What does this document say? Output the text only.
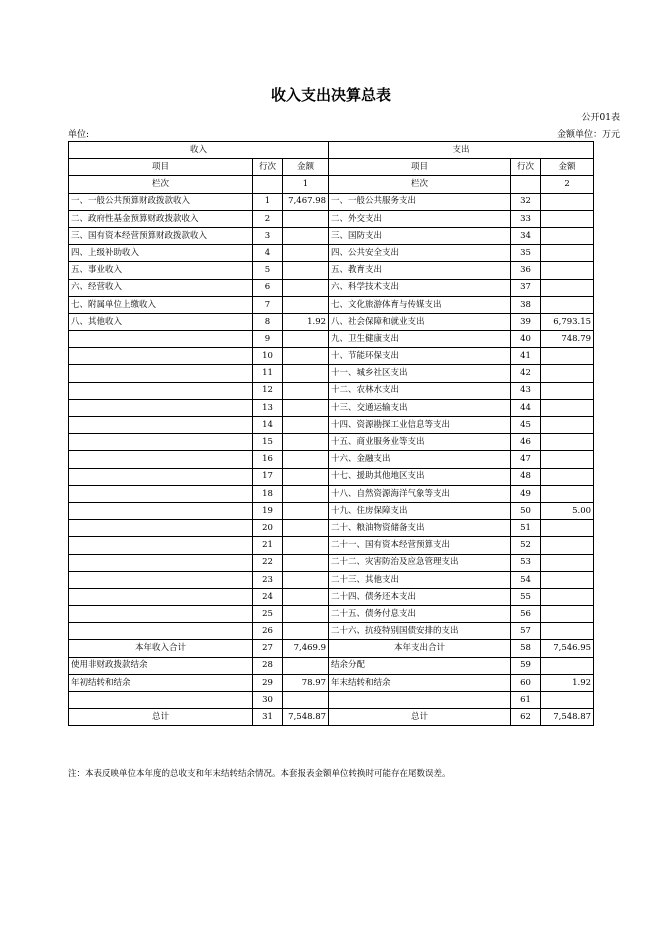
收入支出决算总表
公开01表
单位:	金额单位：万元
收入			支出		
项目	行次	金额	项目	行次	金额
栏次		1	栏次		2
一、一般公共预算财政拨款收入	1	7,467.98	一、一般公共服务支出	32	
二、政府性基金预算财政拨款收入	2		二、外交支出	33	
三、国有资本经营预算财政拨款收入	3		三、国防支出	34	
四、上级补助收入	4		四、公共安全支出	35	
五、事业收入	5		五、教育支出	36	
六、经营收入	6		六、科学技术支出	37	
七、附属单位上缴收入	7		七、文化旅游体育与传媒支出	38	
八、其他收入	8	1.92	八、社会保障和就业支出	39	6,793.15
	9		九、卫生健康支出	40	748.79
	10		十、节能环保支出	41	
	11		十一、城乡社区支出	42	
	12		十二、农林水支出	43	
	13		十三、交通运输支出	44	
	14		十四、资源勘探工业信息等支出	45	
	15		十五、商业服务业等支出	46	
	16		十六、金融支出	47	
	17		十七、援助其他地区支出	48	
	18		十八、自然资源海洋气象等支出	49	
	19		十九、住房保障支出	50	5.00
	20		二十、粮油物资储备支出	51	
	21		二十一、国有资本经营预算支出	52	
	22		二十二、灾害防治及应急管理支出	53	
	23		二十三、其他支出	54	
	24		二十四、债务还本支出	55	
	25		二十五、债务付息支出	56	
	26		二十六、抗疫特别国债安排的支出	57	
本年收入合计	27	7,469.9	本年支出合计	58	7,546.95
使用非财政拨款结余	28		结余分配	59	
年初结转和结余	29	78.97	年末结转和结余	60	1.92
	30			61	
总计	31	7,548.87	总计	62	7,548.87
注：本表反映单位本年度的总收支和年末结转结余情况。本套报表金额单位转换时可能存在尾数误差。
